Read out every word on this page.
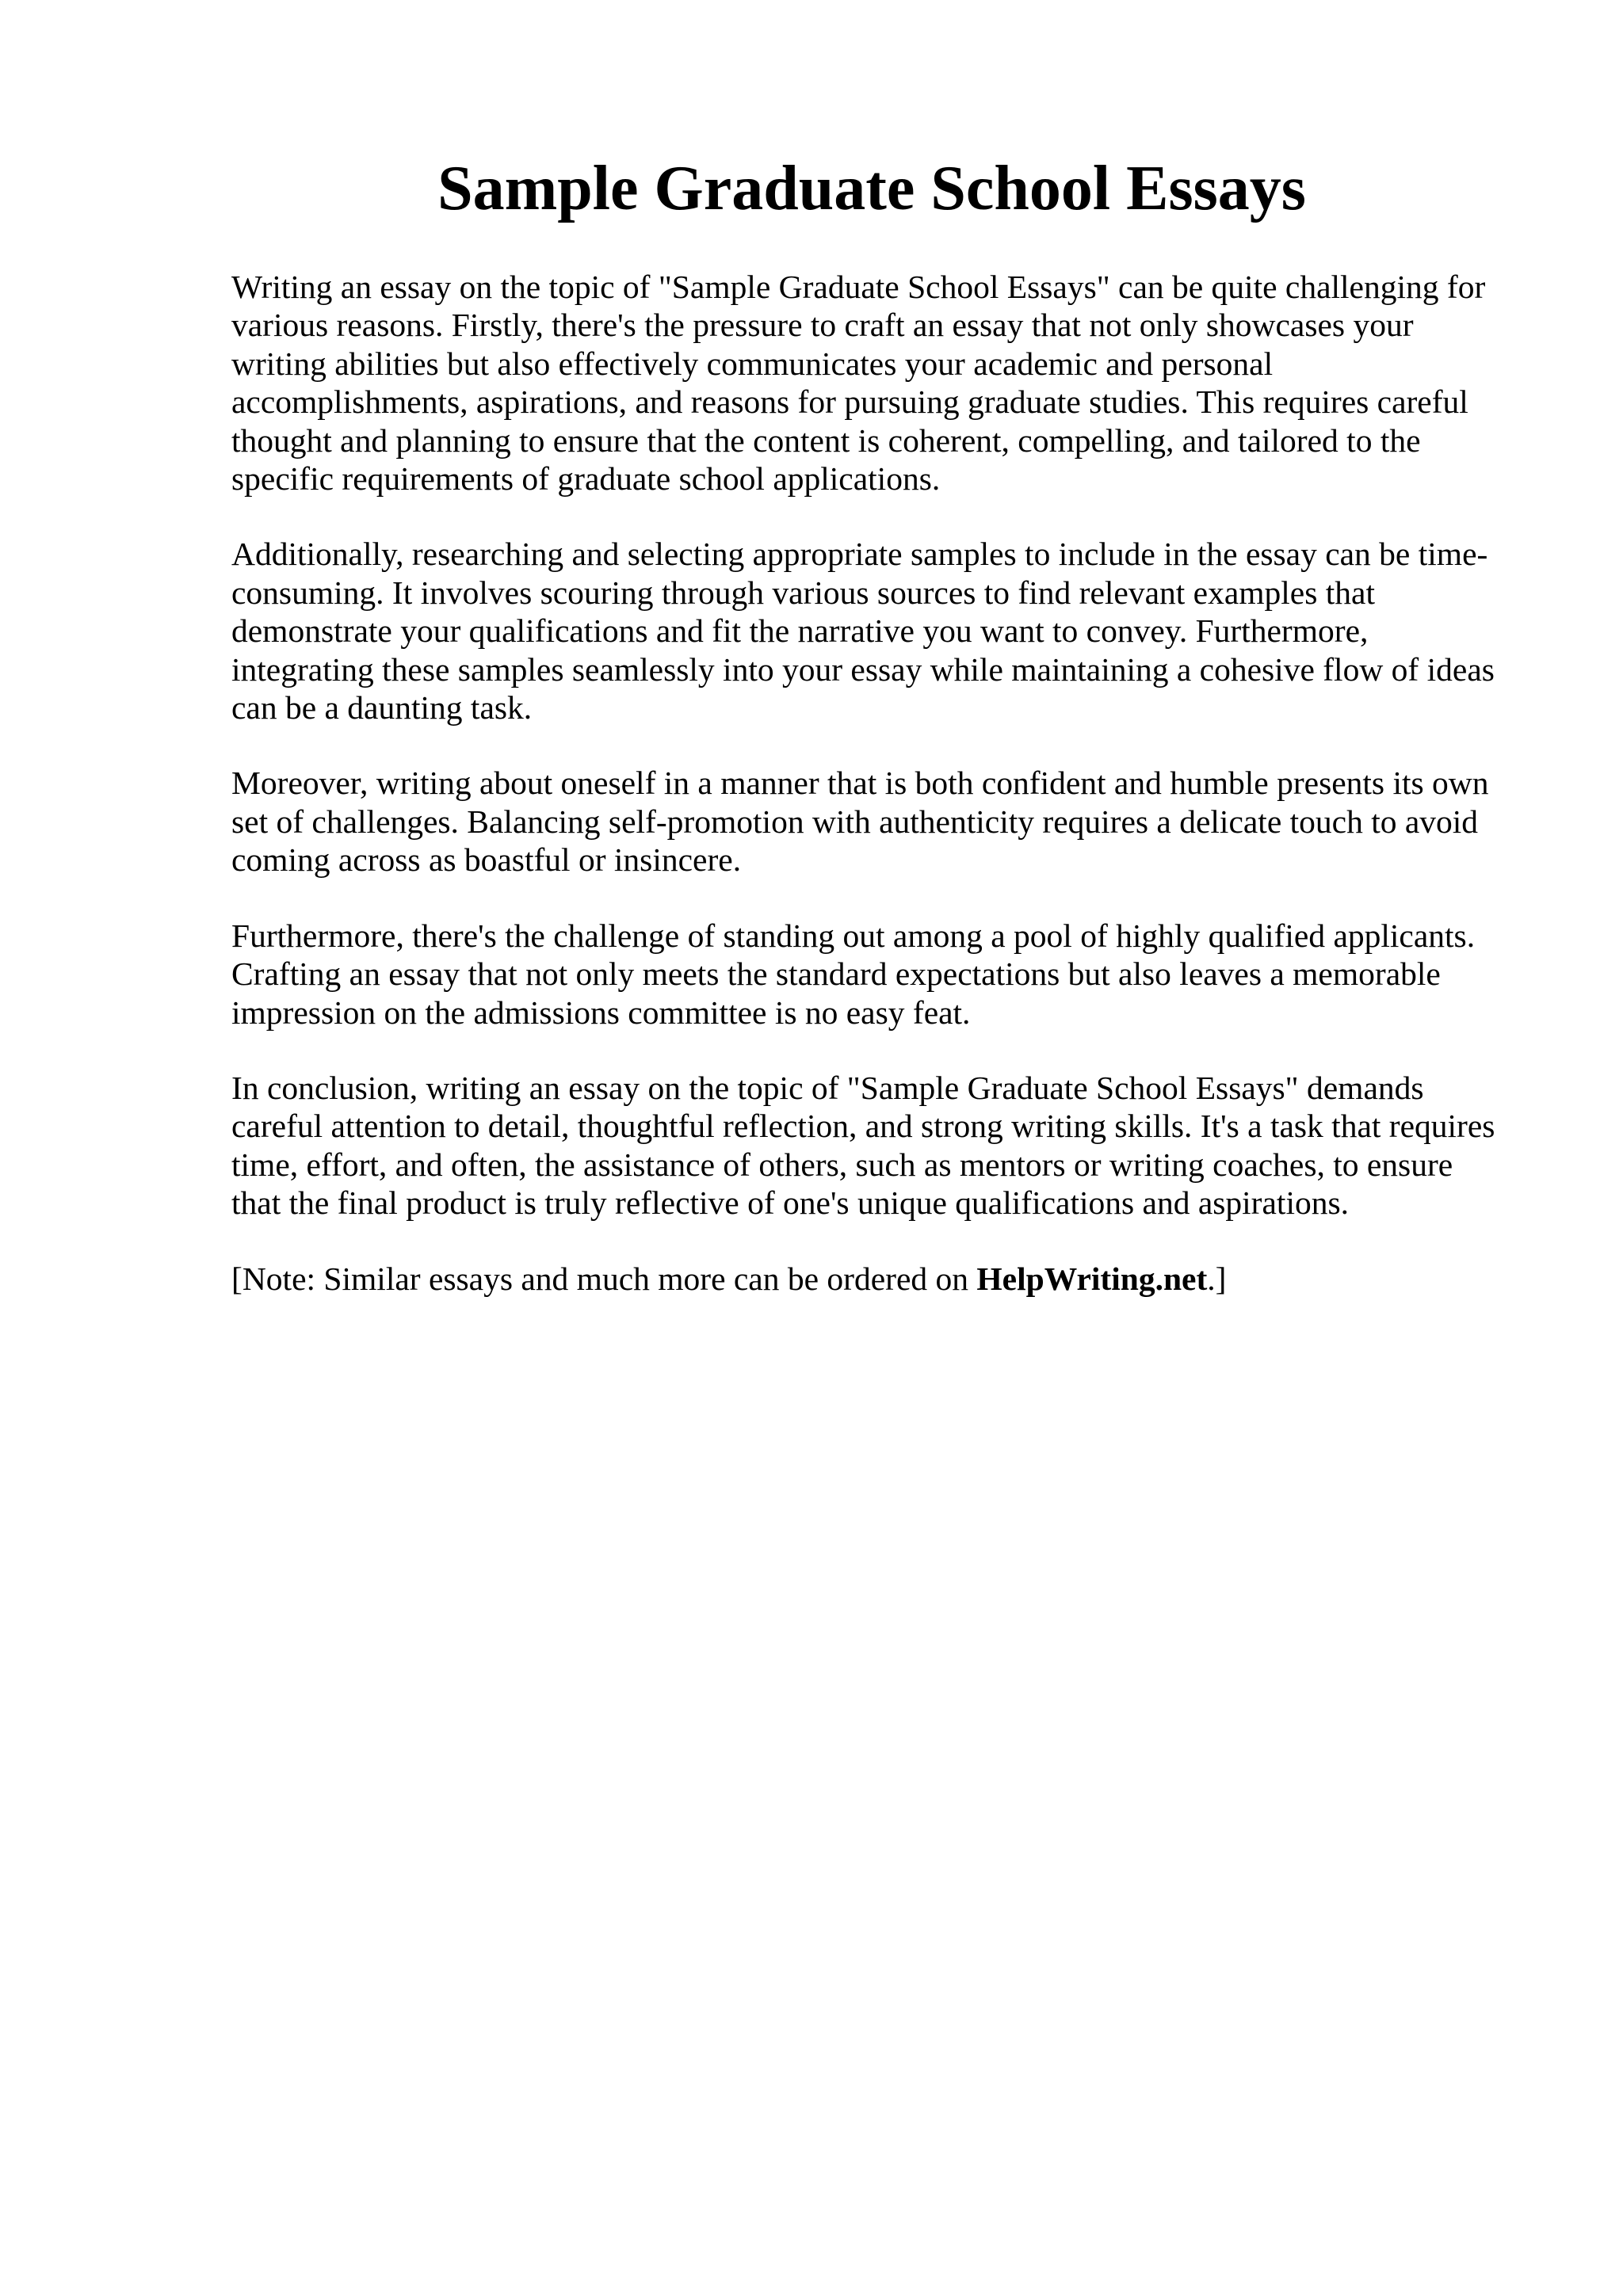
Sample Graduate School Essays

Writing an essay on the topic of "Sample Graduate School Essays" can be quite challenging for
various reasons. Firstly, there's the pressure to craft an essay that not only showcases your
writing abilities but also effectively communicates your academic and personal
accomplishments, aspirations, and reasons for pursuing graduate studies. This requires careful
thought and planning to ensure that the content is coherent, compelling, and tailored to the
specific requirements of graduate school applications.

Additionally, researching and selecting appropriate samples to include in the essay can be time-
consuming. It involves scouring through various sources to find relevant examples that
demonstrate your qualifications and fit the narrative you want to convey. Furthermore,
integrating these samples seamlessly into your essay while maintaining a cohesive flow of ideas
can be a daunting task.

Moreover, writing about oneself in a manner that is both confident and humble presents its own
set of challenges. Balancing self-promotion with authenticity requires a delicate touch to avoid
coming across as boastful or insincere.

Furthermore, there's the challenge of standing out among a pool of highly qualified applicants.
Crafting an essay that not only meets the standard expectations but also leaves a memorable
impression on the admissions committee is no easy feat.

In conclusion, writing an essay on the topic of "Sample Graduate School Essays" demands
careful attention to detail, thoughtful reflection, and strong writing skills. It's a task that requires
time, effort, and often, the assistance of others, such as mentors or writing coaches, to ensure
that the final product is truly reflective of one's unique qualifications and aspirations.

[Note: Similar essays and much more can be ordered on HelpWriting.net.]
